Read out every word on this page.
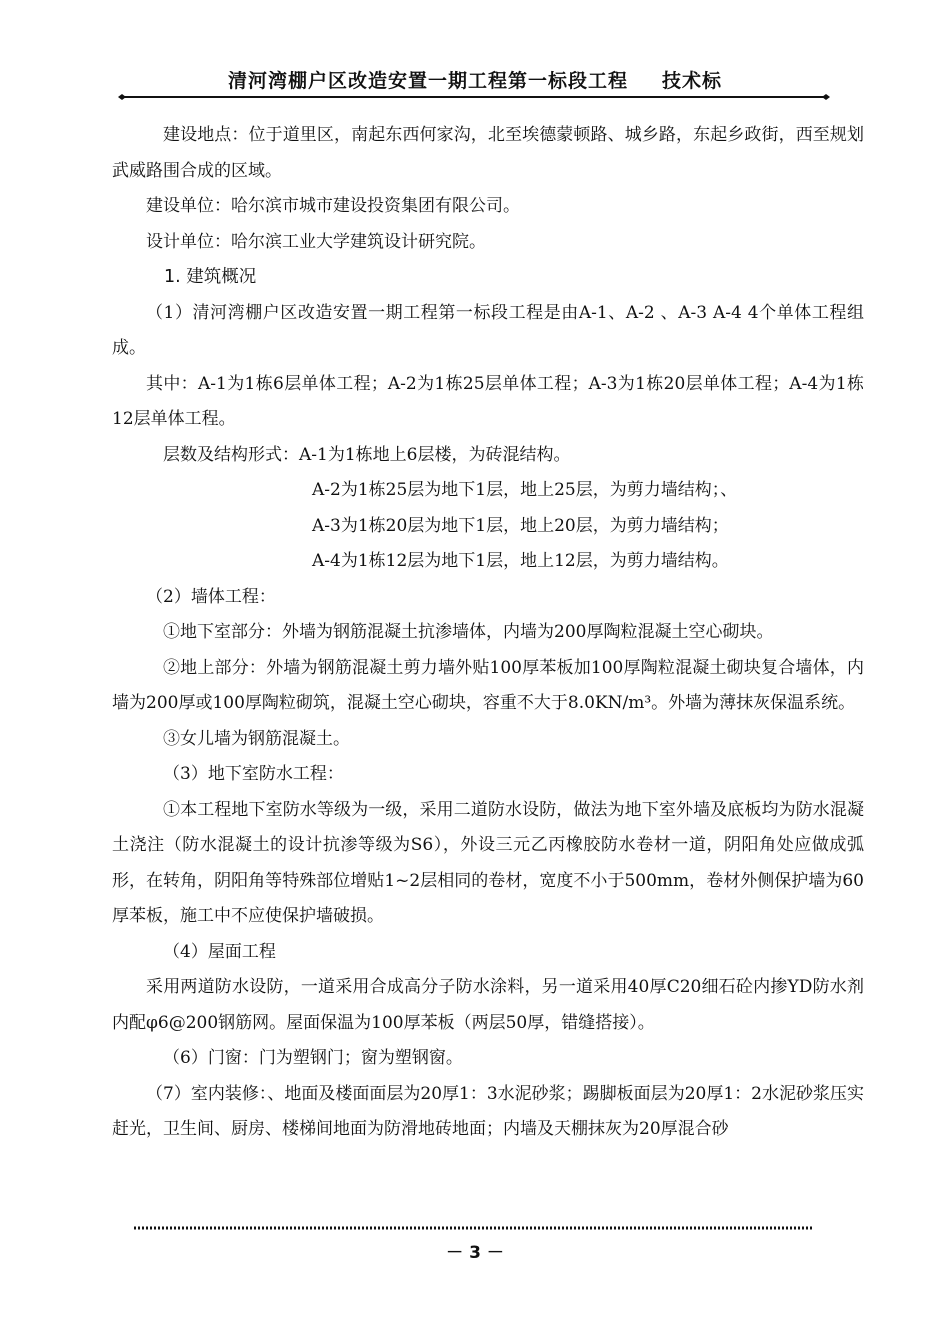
清河湾棚户区改造安置一期工程第一标段工程 技术标

建设地点：位于道里区，南起东西何家沟，北至埃德蒙顿路、城乡路，东起乡政街，西至规划武威路围合成的区域。

建设单位：哈尔滨市城市建设投资集团有限公司。

设计单位：哈尔滨工业大学建筑设计研究院。

1. 建筑概况

（1）清河湾棚户区改造安置一期工程第一标段工程是由A-1、A-2 、A-3 A-4 4个单体工程组成。

其中：A-1为1栋6层单体工程；A-2为1栋25层单体工程；A-3为1栋20层单体工程；A-4为1栋12层单体工程。

层数及结构形式：A-1为1栋地上6层楼，为砖混结构。

A-2为1栋25层为地下1层，地上25层，为剪力墙结构；、

A-3为1栋20层为地下1层，地上20层，为剪力墙结构；

A-4为1栋12层为地下1层，地上12层，为剪力墙结构。

（2）墙体工程：

①地下室部分：外墙为钢筋混凝土抗渗墙体，内墙为200厚陶粒混凝土空心砌块。

②地上部分：外墙为钢筋混凝土剪力墙外贴100厚苯板加100厚陶粒混凝土砌块复合墙体，内墙为200厚或100厚陶粒砌筑，混凝土空心砌块，容重不大于8.0KN/m³。外墙为薄抹灰保温系统。

③女儿墙为钢筋混凝土。

（3）地下室防水工程：

①本工程地下室防水等级为一级，采用二道防水设防，做法为地下室外墙及底板均为防水混凝土浇注（防水混凝土的设计抗渗等级为S6），外设三元乙丙橡胶防水卷材一道，阴阳角处应做成弧形，在转角，阴阳角等特殊部位增贴1~2层相同的卷材，宽度不小于500mm，卷材外侧保护墙为60厚苯板，施工中不应使保护墙破损。

（4）屋面工程

采用两道防水设防，一道采用合成高分子防水涂料，另一道采用40厚C20细石砼内掺YD防水剂内配φ6@200钢筋网。屋面保温为100厚苯板（两层50厚，错缝搭接）。

（6）门窗：门为塑钢门；窗为塑钢窗。

（7）室内装修：、地面及楼面面层为20厚1：3水泥砂浆；踢脚板面层为20厚1：2水泥砂浆压实赶光，卫生间、厨房、楼梯间地面为防滑地砖地面；内墙及天棚抹灰为20厚混合砂

－ 3 －
